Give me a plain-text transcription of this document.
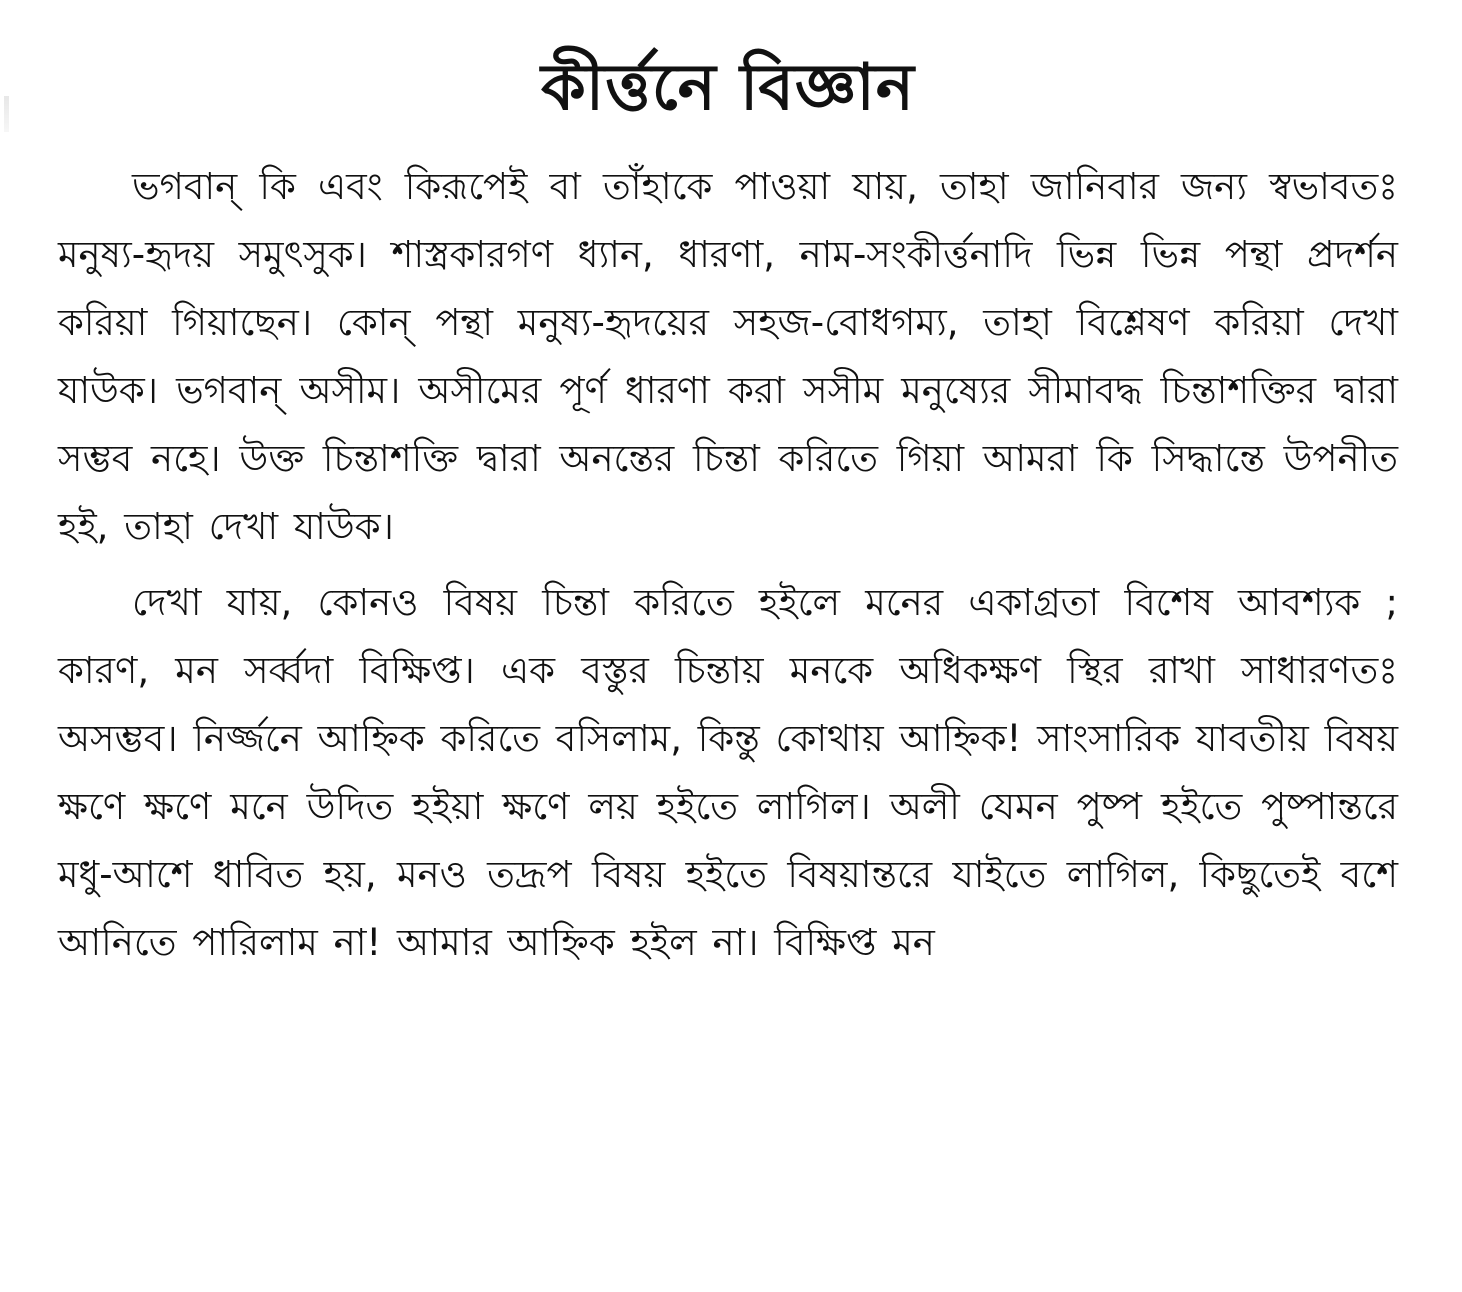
কীৰ্ত্তনে বিজ্ঞান

ভগবান্ কি এবং কিরূপেই বা তাঁহাকে পাওয়া যায়, তাহা জানিবার জন্য স্বভাবতঃ মনুষ্য-হৃদয় সমুৎসুক। শাস্ত্রকারগণ ধ্যান, ধারণা, নাম-সংকীৰ্ত্তনাদি ভিন্ন ভিন্ন পন্থা প্রদর্শন করিয়া গিয়াছেন। কোন্ পন্থা মনুষ্য-হৃদয়ের সহজ-বোধগম্য, তাহা বিশ্লেষণ করিয়া দেখা যাউক। ভগবান্ অসীম। অসীমের পূর্ণ ধারণা করা সসীম মনুষ্যের সীমাবদ্ধ চিন্তাশক্তির দ্বারা সম্ভব নহে। উক্ত চিন্তাশক্তি দ্বারা অনন্তের চিন্তা করিতে গিয়া আমরা কি সিদ্ধান্তে উপনীত হই, তাহা দেখা যাউক।

দেখা যায়, কোনও বিষয় চিন্তা করিতে হইলে মনের একাগ্রতা বিশেষ আবশ্যক ; কারণ, মন সৰ্ব্বদা বিক্ষিপ্ত। এক বস্তুর চিন্তায় মনকে অধিকক্ষণ স্থির রাখা সাধারণতঃ অসম্ভব। নির্জ্জনে আহ্নিক করিতে বসিলাম, কিন্তু কোথায় আহ্নিক! সাংসারিক যাবতীয় বিষয় ক্ষণে ক্ষণে মনে উদিত হইয়া ক্ষণে লয় হইতে লাগিল। অলী যেমন পুষ্প হইতে পুষ্পান্তরে মধু-আশে ধাবিত হয়, মনও তদ্রূপ বিষয় হইতে বিষয়ান্তরে যাইতে লাগিল, কিছুতেই বশে আনিতে পারিলাম না! আমার আহ্নিক হইল না। বিক্ষিপ্ত মন
